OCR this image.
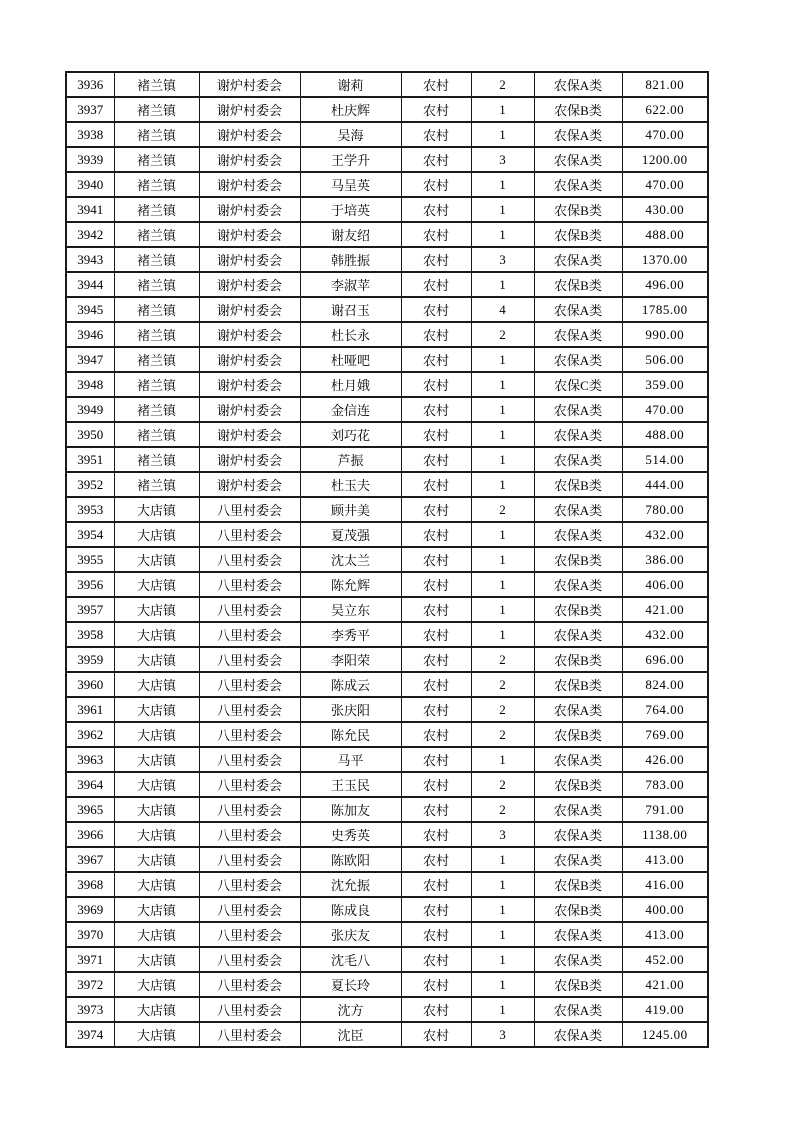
3936	褚兰镇	谢炉村委会	谢莉	农村	2	农保A类	821.00
3937	褚兰镇	谢炉村委会	杜庆辉	农村	1	农保B类	622.00
3938	褚兰镇	谢炉村委会	吴海	农村	1	农保A类	470.00
3939	褚兰镇	谢炉村委会	王学升	农村	3	农保A类	1200.00
3940	褚兰镇	谢炉村委会	马呈英	农村	1	农保A类	470.00
3941	褚兰镇	谢炉村委会	于培英	农村	1	农保B类	430.00
3942	褚兰镇	谢炉村委会	谢友绍	农村	1	农保B类	488.00
3943	褚兰镇	谢炉村委会	韩胜振	农村	3	农保A类	1370.00
3944	褚兰镇	谢炉村委会	李淑苹	农村	1	农保B类	496.00
3945	褚兰镇	谢炉村委会	谢召玉	农村	4	农保A类	1785.00
3946	褚兰镇	谢炉村委会	杜长永	农村	2	农保A类	990.00
3947	褚兰镇	谢炉村委会	杜哑吧	农村	1	农保A类	506.00
3948	褚兰镇	谢炉村委会	杜月娥	农村	1	农保C类	359.00
3949	褚兰镇	谢炉村委会	金信连	农村	1	农保A类	470.00
3950	褚兰镇	谢炉村委会	刘巧花	农村	1	农保A类	488.00
3951	褚兰镇	谢炉村委会	芦振	农村	1	农保A类	514.00
3952	褚兰镇	谢炉村委会	杜玉夫	农村	1	农保B类	444.00
3953	大店镇	八里村委会	顾井美	农村	2	农保A类	780.00
3954	大店镇	八里村委会	夏茂强	农村	1	农保A类	432.00
3955	大店镇	八里村委会	沈太兰	农村	1	农保B类	386.00
3956	大店镇	八里村委会	陈允辉	农村	1	农保A类	406.00
3957	大店镇	八里村委会	吴立东	农村	1	农保B类	421.00
3958	大店镇	八里村委会	李秀平	农村	1	农保A类	432.00
3959	大店镇	八里村委会	李阳荣	农村	2	农保B类	696.00
3960	大店镇	八里村委会	陈成云	农村	2	农保B类	824.00
3961	大店镇	八里村委会	张庆阳	农村	2	农保A类	764.00
3962	大店镇	八里村委会	陈允民	农村	2	农保B类	769.00
3963	大店镇	八里村委会	马平	农村	1	农保A类	426.00
3964	大店镇	八里村委会	王玉民	农村	2	农保B类	783.00
3965	大店镇	八里村委会	陈加友	农村	2	农保A类	791.00
3966	大店镇	八里村委会	史秀英	农村	3	农保A类	1138.00
3967	大店镇	八里村委会	陈欧阳	农村	1	农保A类	413.00
3968	大店镇	八里村委会	沈允振	农村	1	农保B类	416.00
3969	大店镇	八里村委会	陈成良	农村	1	农保B类	400.00
3970	大店镇	八里村委会	张庆友	农村	1	农保A类	413.00
3971	大店镇	八里村委会	沈毛八	农村	1	农保A类	452.00
3972	大店镇	八里村委会	夏长玲	农村	1	农保B类	421.00
3973	大店镇	八里村委会	沈方	农村	1	农保A类	419.00
3974	大店镇	八里村委会	沈臣	农村	3	农保A类	1245.00
